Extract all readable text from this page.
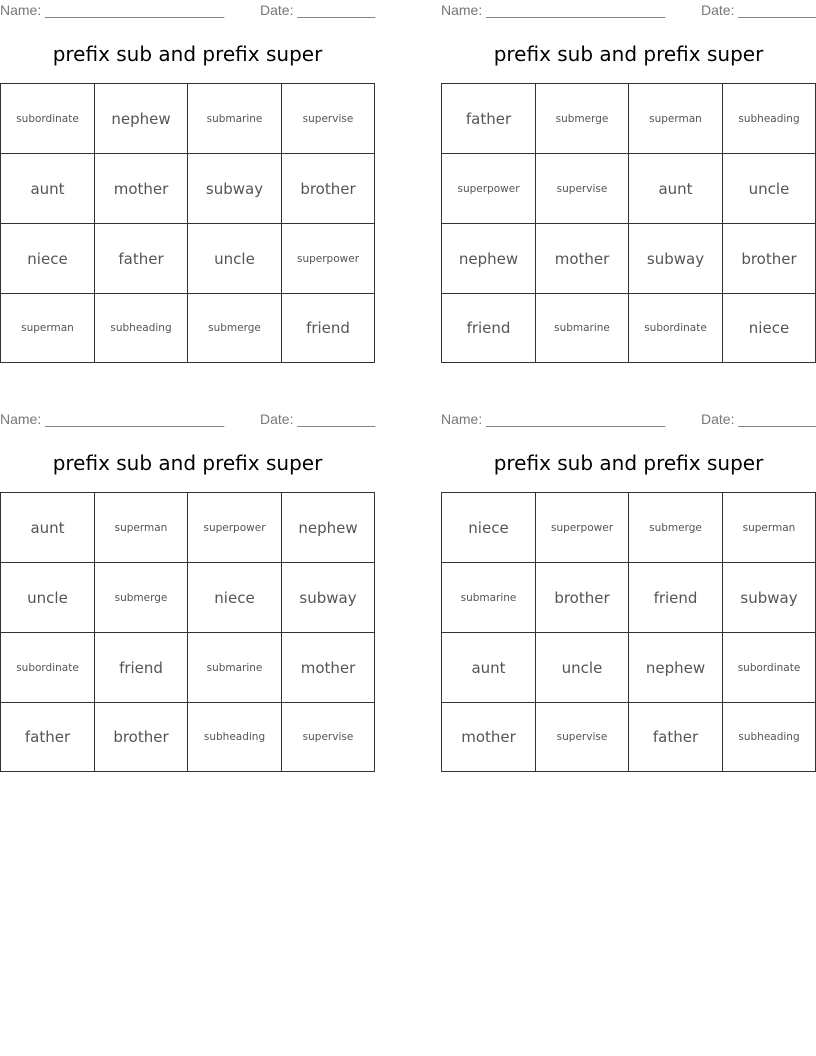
Name: _______________________	Date: __________
prefix sub and prefix super
subordinate	nephew	submarine	supervise
aunt	mother	subway	brother
niece	father	uncle	superpower
superman	subheading	submerge	friend
Name: _______________________	Date: __________
prefix sub and prefix super
father	submerge	superman	subheading
superpower	supervise	aunt	uncle
nephew	mother	subway	brother
friend	submarine	subordinate	niece
Name: _______________________	Date: __________
prefix sub and prefix super
aunt	superman	superpower	nephew
uncle	submerge	niece	subway
subordinate	friend	submarine	mother
father	brother	subheading	supervise
Name: _______________________	Date: __________
prefix sub and prefix super
niece	superpower	submerge	superman
submarine	brother	friend	subway
aunt	uncle	nephew	subordinate
mother	supervise	father	subheading
